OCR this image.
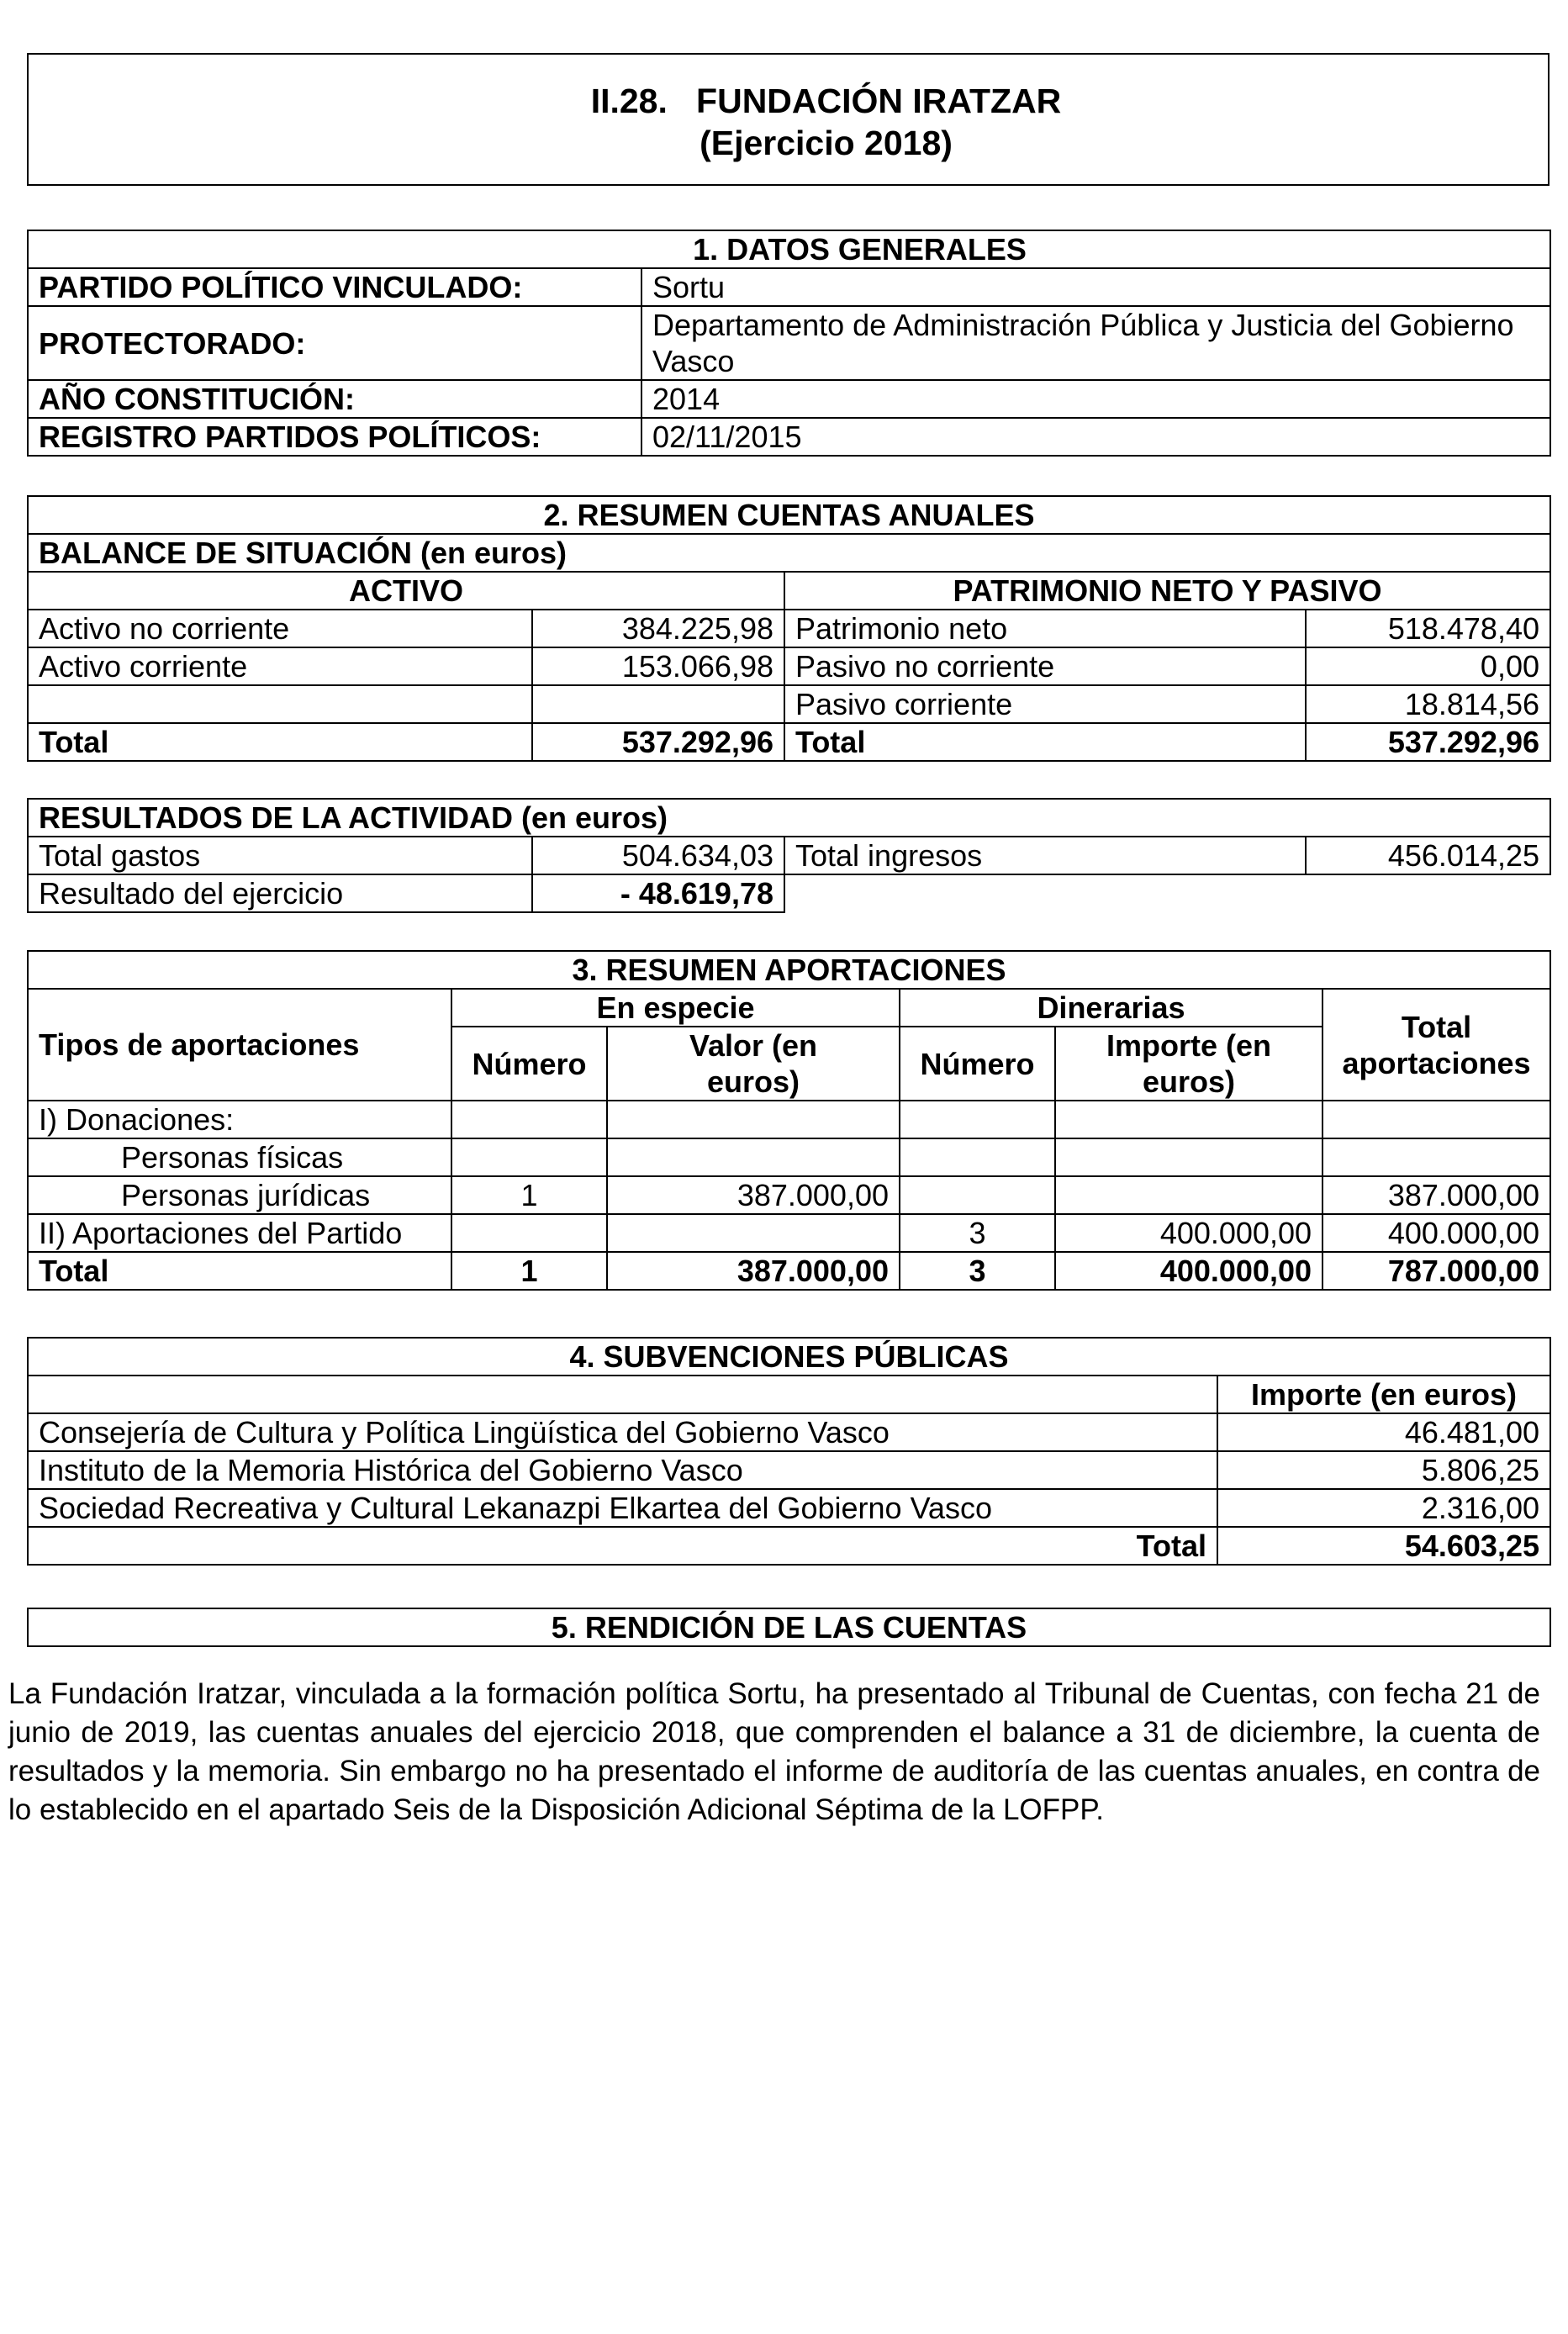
II.28. FUNDACIÓN IRATZAR
(Ejercicio 2018)
1. DATOS GENERALES	
PARTIDO POLÍTICO VINCULADO:	Sortu
PROTECTORADO:	Departamento de Administración Pública y Justicia del Gobierno Vasco
AÑO CONSTITUCIÓN:	2014
REGISTRO PARTIDOS POLÍTICOS:	02/11/2015
2. RESUMEN CUENTAS ANUALES			
BALANCE DE SITUACIÓN (en euros)			
ACTIVO		PATRIMONIO NETO Y PASIVO	
Activo no corriente	384.225,98	Patrimonio neto	518.478,40
Activo corriente	153.066,98	Pasivo no corriente	0,00
		Pasivo corriente	18.814,56
Total	537.292,96	Total	537.292,96
RESULTADOS DE LA ACTIVIDAD (en euros)			
Total gastos	504.634,03	Total ingresos	456.014,25
Resultado del ejercicio	- 48.619,78		
3. RESUMEN APORTACIONES					
Tipos de aportaciones	En especie		Dinerarias		Total aportaciones
	Número	Valor (en euros)	Número	Importe (en euros)	

I) Donaciones:					
Personas físicas					
Personas jurídicas	1	387.000,00			387.000,00
II) Aportaciones del Partido			3	400.000,00	400.000,00
Total	1	387.000,00	3	400.000,00	787.000,00
4. SUBVENCIONES PÚBLICAS	
	Importe (en euros)
Consejería de Cultura y Política Lingüística del Gobierno Vasco	46.481,00
Instituto de la Memoria Histórica del Gobierno Vasco	5.806,25
Sociedad Recreativa y Cultural Lekanazpi Elkartea del Gobierno Vasco	2.316,00
Total	54.603,25
5. RENDICIÓN DE LAS CUENTAS
La Fundación Iratzar, vinculada a la formación política Sortu, ha presentado al Tribunal de Cuentas, con fecha 21 de junio de 2019, las cuentas anuales del ejercicio 2018, que comprenden el balance a 31 de diciembre, la cuenta de resultados y la memoria. Sin embargo no ha presentado el informe de auditoría de las cuentas anuales, en contra de lo establecido en el apartado Seis de la Disposición Adicional Séptima de la LOFPP.
